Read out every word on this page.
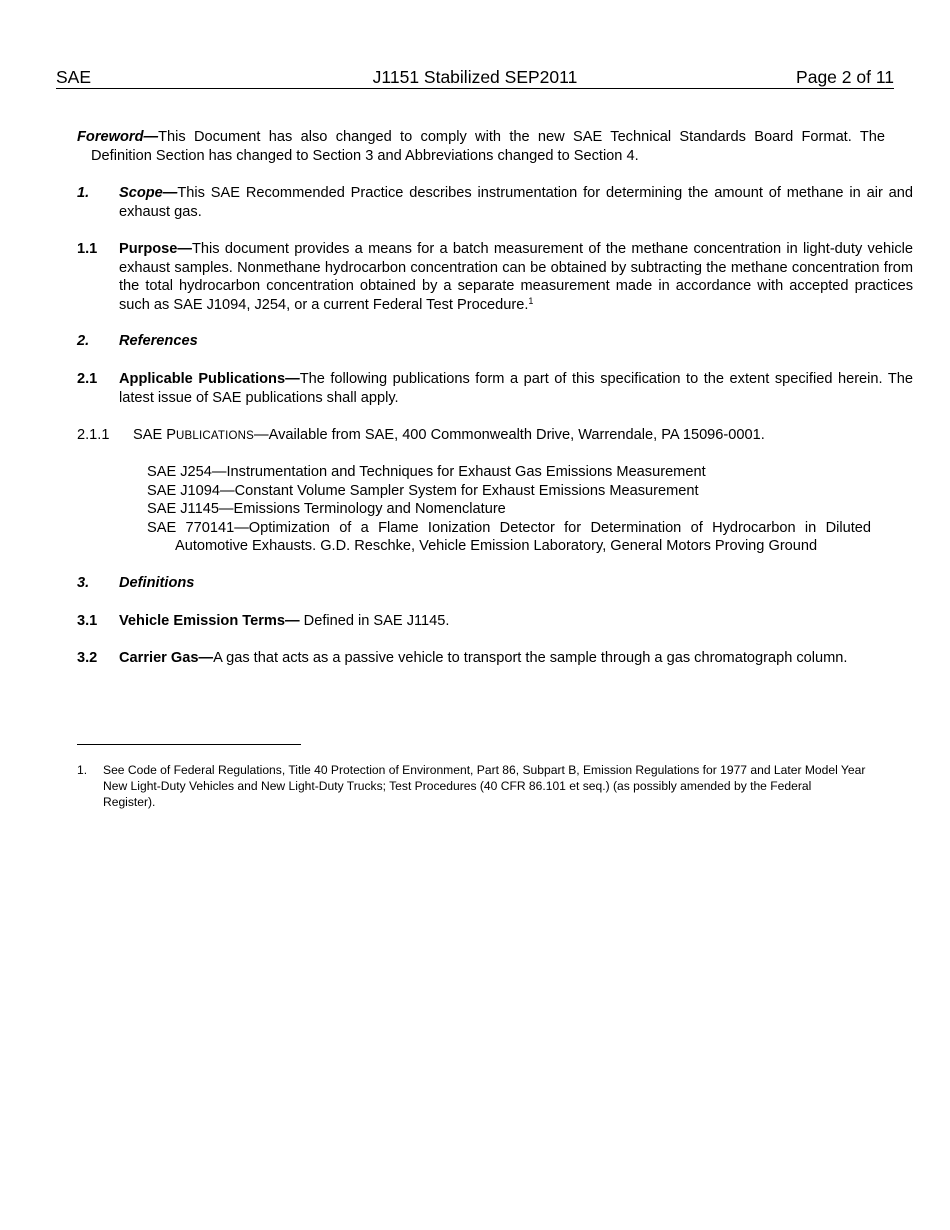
J1151 Stabilized SEP2011
SAE	Page 2 of 11
Foreword—This Document has also changed to comply with the new SAE Technical Standards Board Format. The Definition Section has changed to Section 3 and Abbreviations changed to Section 4.
1. Scope—This SAE Recommended Practice describes instrumentation for determining the amount of methane in air and exhaust gas.
1.1 Purpose—This document provides a means for a batch measurement of the methane concentration in light-duty vehicle exhaust samples. Nonmethane hydrocarbon concentration can be obtained by subtracting the methane concentration from the total hydrocarbon concentration obtained by a separate measurement made in accordance with accepted practices such as SAE J1094, J254, or a current Federal Test Procedure.$^1$
2. References
2.1 Applicable Publications—The following publications form a part of this specification to the extent specified herein. The latest issue of SAE publications shall apply.
2.1.1 SAE PUBLICATIONS—Available from SAE, 400 Commonwealth Drive, Warrendale, PA 15096-0001.
SAE J254—Instrumentation and Techniques for Exhaust Gas Emissions Measurement
SAE J1094—Constant Volume Sampler System for Exhaust Emissions Measurement
SAE J1145—Emissions Terminology and Nomenclature
SAE 770141—Optimization of a Flame Ionization Detector for Determination of Hydrocarbon in Diluted Automotive Exhausts. G.D. Reschke, Vehicle Emission Laboratory, General Motors Proving Ground
3. Definitions
3.1 Vehicle Emission Terms— Defined in SAE J1145.
3.2 Carrier Gas—A gas that acts as a passive vehicle to transport the sample through a gas chromatograph column.
1.	See Code of Federal Regulations, Title 40 Protection of Environment, Part 86, Subpart B, Emission Regulations for 1977 and Later Model Year New Light-Duty Vehicles and New Light-Duty Trucks; Test Procedures (40 CFR 86.101 et seq.) (as possibly amended by the Federal Register).
